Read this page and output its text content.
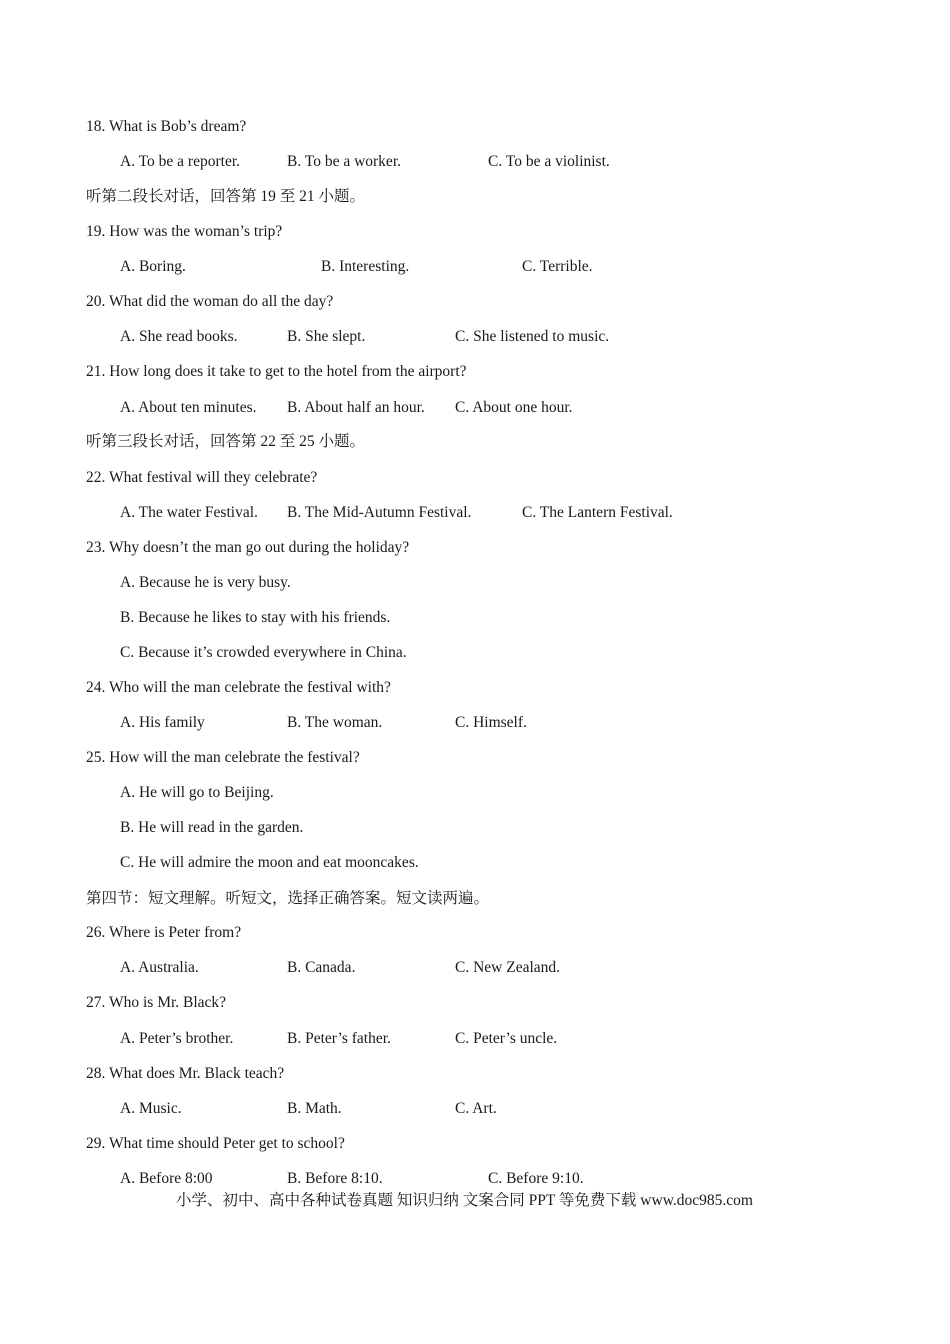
18. What is Bob’s dream?
A. To be a reporter.	B. To be a worker.	C. To be a violinist.
听第二段长对话，回答第 19 至 21 小题。
19. How was the woman’s trip?
A. Boring.	B. Interesting.	C. Terrible.
20. What did the woman do all the day?
A. She read books.	B. She slept.	C. She listened to music.
21. How long does it take to get to the hotel from the airport?
A. About ten minutes. B. About half an hour. C. About one hour.
听第三段长对话，回答第 22 至 25 小题。
22. What festival will they celebrate?
A. The water Festival. B. The Mid-Autumn Festival.	C. The Lantern Festival.
23. Why doesn’t the man go out during the holiday?
A. Because he is very busy.
B. Because he likes to stay with his friends.
C. Because it’s crowded everywhere in China.
24. Who will the man celebrate the festival with?
A. His family	B. The woman.	C. Himself.
25. How will the man celebrate the festival?
A. He will go to Beijing.
B. He will read in the garden.
C. He will admire the moon and eat mooncakes.
第四节：短文理解。听短文，选择正确答案。短文读两遍。
26. Where is Peter from?
A. Australia.	B. Canada.	C. New Zealand.
27. Who is Mr. Black?
A. Peter’s brother.	B. Peter’s father.	C. Peter’s uncle.
28. What does Mr. Black teach?
A. Music.	B. Math.	C. Art.
29. What time should Peter get to school?
A. Before 8:00	B. Before 8:10.	C. Before 9:10.
小学、初中、高中各种试卷真题 知识归纳 文案合同 PPT 等免费下载 www.doc985.com
